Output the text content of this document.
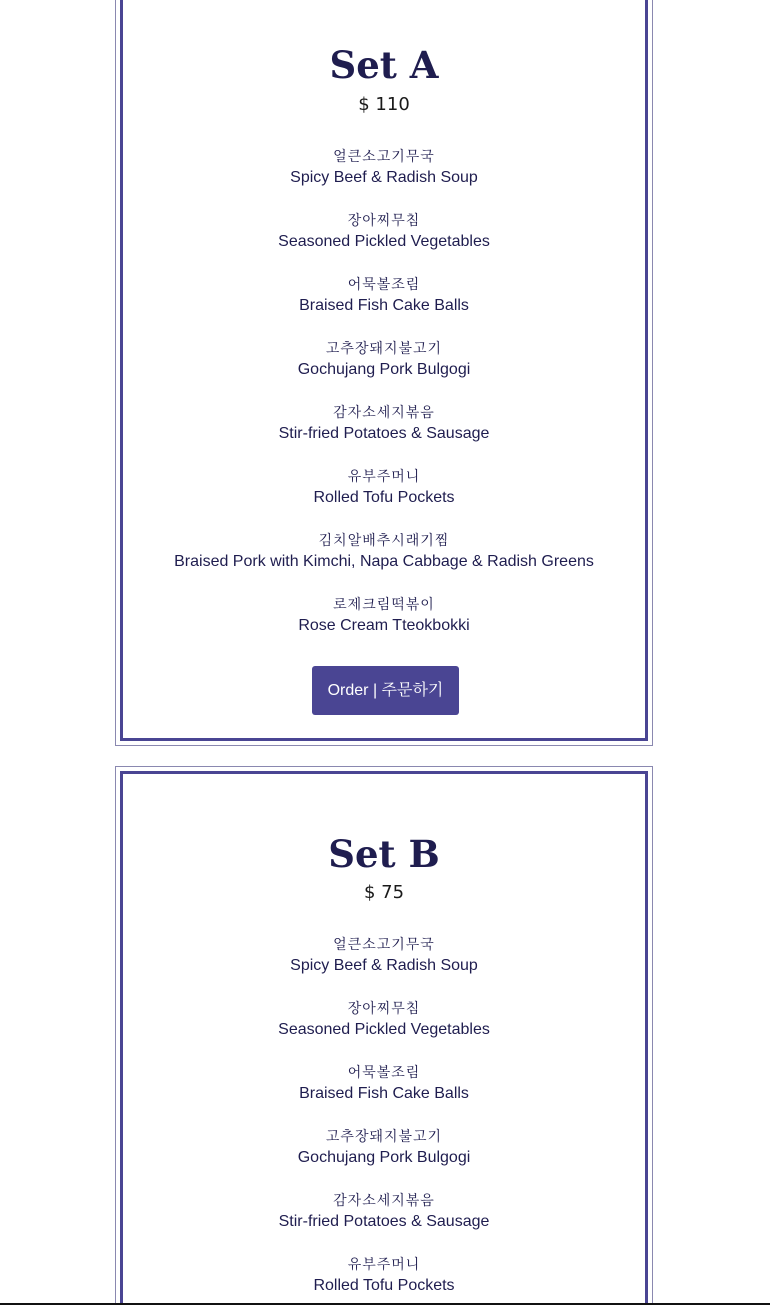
Set A
$ 110
얼큰소고기무국
Spicy Beef & Radish Soup
장아찌무침
Seasoned Pickled Vegetables
어묵볼조림
Braised Fish Cake Balls
고추장돼지불고기
Gochujang Pork Bulgogi
감자소세지볶음
Stir-fried Potatoes & Sausage
유부주머니
Rolled Tofu Pockets
김치알배추시래기찜
Braised Pork with Kimchi, Napa Cabbage & Radish Greens
로제크림떡볶이
Rose Cream Tteokbokki
Order | 주문하기
Set B
$ 75
얼큰소고기무국
Spicy Beef & Radish Soup
장아찌무침
Seasoned Pickled Vegetables
어묵볼조림
Braised Fish Cake Balls
고추장돼지불고기
Gochujang Pork Bulgogi
감자소세지볶음
Stir-fried Potatoes & Sausage
유부주머니
Rolled Tofu Pockets
